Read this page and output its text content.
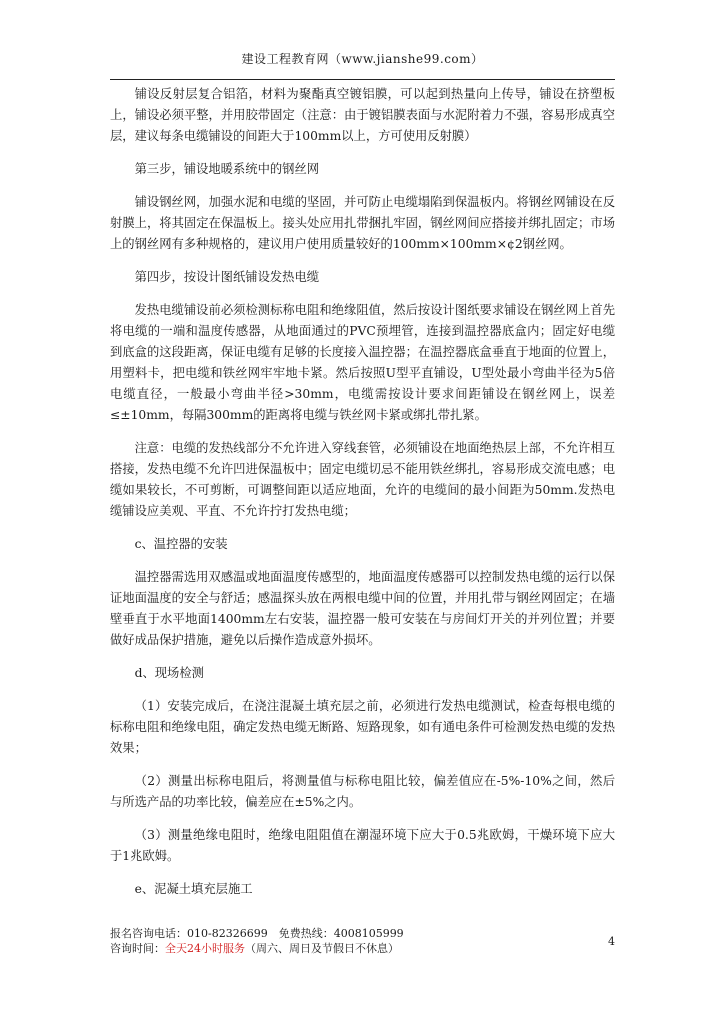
建设工程教育网（www.jianshe99.com）

铺设反射层复合铝箔，材料为聚酯真空镀铝膜，可以起到热量向上传导，铺设在挤塑板上，铺设必须平整，并用胶带固定（注意：由于镀铝膜表面与水泥附着力不强，容易形成真空层，建议每条电缆铺设的间距大于100mm以上，方可使用反射膜）

第三步，铺设地暖系统中的钢丝网

铺设钢丝网，加强水泥和电缆的坚固，并可防止电缆塌陷到保温板内。将钢丝网铺设在反射膜上，将其固定在保温板上。接头处应用扎带捆扎牢固，钢丝网间应搭接并绑扎固定；市场上的钢丝网有多种规格的，建议用户使用质量较好的100mm×100mm×¢2钢丝网。

第四步，按设计图纸铺设发热电缆

发热电缆铺设前必须检测标称电阻和绝缘阻值，然后按设计图纸要求铺设在钢丝网上首先将电缆的一端和温度传感器，从地面通过的PVC预埋管，连接到温控器底盒内；固定好电缆到底盒的这段距离，保证电缆有足够的长度接入温控器；在温控器底盒垂直于地面的位置上，用塑料卡，把电缆和铁丝网牢牢地卡紧。然后按照U型平直铺设，U型处最小弯曲半径为5倍电缆直径，一般最小弯曲半径>30mm，电缆需按设计要求间距铺设在钢丝网上，误差≤±10mm，每隔300mm的距离将电缆与铁丝网卡紧或绑扎带扎紧。

注意：电缆的发热线部分不允许进入穿线套管，必须铺设在地面绝热层上部，不允许相互搭接，发热电缆不允许凹进保温板中；固定电缆切忌不能用铁丝绑扎，容易形成交流电感；电缆如果较长，不可剪断，可调整间距以适应地面，允许的电缆间的最小间距为50mm.发热电缆铺设应美观、平直、不允许拧打发热电缆；

c、温控器的安装

温控器需选用双感温或地面温度传感型的，地面温度传感器可以控制发热电缆的运行以保证地面温度的安全与舒适；感温探头放在两根电缆中间的位置，并用扎带与钢丝网固定；在墙壁垂直于水平地面1400mm左右安装，温控器一般可安装在与房间灯开关的并列位置；并要做好成品保护措施，避免以后操作造成意外损坏。

d、现场检测

（1）安装完成后，在浇注混凝土填充层之前，必须进行发热电缆测试，检查每根电缆的标称电阻和绝缘电阻，确定发热电缆无断路、短路现象，如有通电条件可检测发热电缆的发热效果；

（2）测量出标称电阻后，将测量值与标称电阻比较，偏差值应在-5%-10%之间，然后与所选产品的功率比较，偏差应在±5%之内。

（3）测量绝缘电阻时，绝缘电阻阻值在潮湿环境下应大于0.5兆欧姆，干燥环境下应大于1兆欧姆。

e、泥凝土填充层施工

报名咨询电话：010-82326699　免费热线：4008105999
咨询时间：全天24小时服务（周六、周日及节假日不休息）
4
